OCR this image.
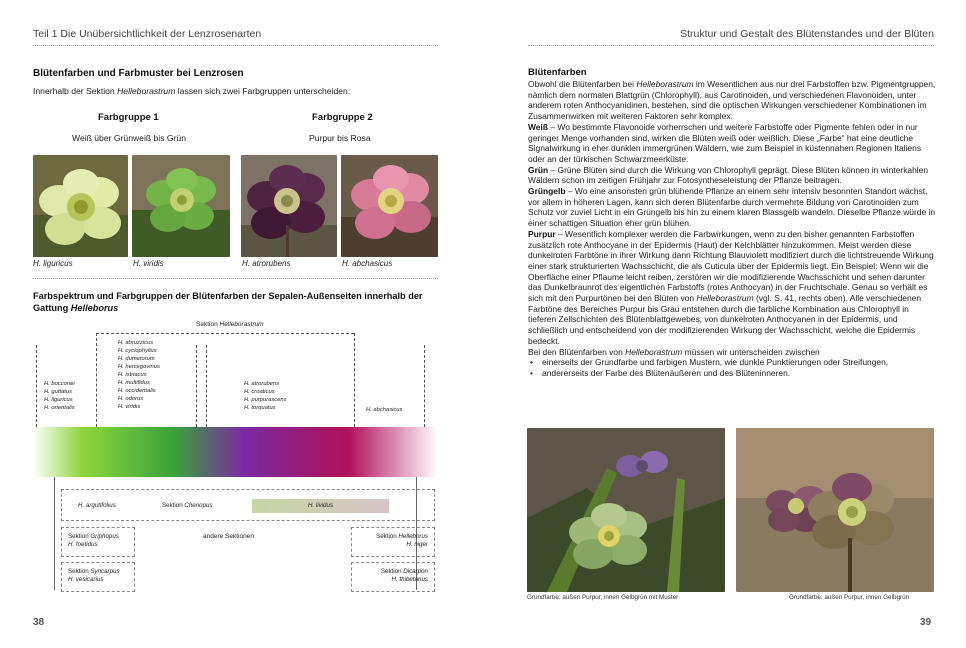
Teil 1 Die Unübersichtlichkeit der Lenzrosenarten
Blütenfarben und Farbmuster bei Lenzrosen
Innerhalb der Sektion Helleborastrum lassen sich zwei Farbgruppen unterscheiden:
Farbgruppe 1
Weiß über Grünweiß bis Grün
Farbgruppe 2
Purpur bis Rosa
H. liguricus	H. viridis	H. atrorubens	H. abchasicus
Farbspektrum und Farbgruppen der Blütenfarben der Sepalen-Außenseiten innerhalb der
Gattung Helleborus
Sektion Helleborastrum
H. bocconei
H. guttatus
H. liguricus
H. orientalis
H. abruzzicus
H. cyclophyllus
H. dumetorum
H. hercegovinus
H. istriacus
H. multifidus
H. occidentalis
H. odorus
H. viridis
H. atrorubens
H. croaticus
H. purpurascens
H. torquatus	H. abchasicus
H. argutifolius	Sektion Chenopus	H. lividus
Sektion Griphopus
H. foetidus
Sektion Syncarpus
H. vesicarius
andere Sektionen	Sektion Helleborus
H. niger
Sektion Dicarpon
H. thibetanus
38
Struktur und Gestalt des Blütenstandes und der Blüten

Blütenfarben

Obwohl die Blütenfarben bei Helleborastrum im Wesentlichen aus nur drei Farbstoffen bzw. Pigmentgruppen, nämlich dem normalen Blattgrün (Chlorophyll), aus Carotinoiden, und verschiedenen Flavonoiden, unter anderem roten Anthocyanidinen, bestehen, sind die optischen Wirkungen verschiedener Kombinationen im Zusammenwirken mit weiteren Faktoren sehr komplex.

Weiß – Wo bestimmte Flavonoide vorherrschen und weitere Farbstoffe oder Pigmente fehlen oder in nur geringer Menge vorhanden sind, wirken die Blüten weiß oder weißlich. Diese „Farbe“ hat eine deutliche Signalwirkung in eher dunklen immergrünen Wäldern, wie zum Beispiel in küstennahen Regionen Italiens oder an der türkischen Schwarzmeerküste.

Grün – Grüne Blüten sind durch die Wirkung von Chlorophyll geprägt. Diese Blüten können in winterkahlen Wäldern schon im zeitigen Frühjahr zur Fotosyntheseleistung der Pflanze beitragen.

Grüngelb – Wo eine ansonsten grün blühende Pflanze an einem sehr intensiv besonnten Standort wächst, vor allem in höheren Lagen, kann sich deren Blütenfarbe durch vermehrte Bildung von Carotinoiden zum Schutz vor zuviel Licht in ein Grüngelb bis hin zu einem klaren Blassgelb wandeln. Dieselbe Pflanze würde in einer schattigen Situation eher grün blühen.

Purpur – Wesentlich komplexer werden die Farbwirkungen, wenn zu den bisher genannten Farbstoffen zusätzlich rote Anthocyane in der Epidermis (Haut) der Kelchblätter hinzukommen. Meist werden diese dunkelroten Farbtöne in ihrer Wirkung dann Richtung Blauviolett modifiziert durch die lichtstreuende Wirkung einer stark strukturierten Wachsschicht, die als Cuticula über der Epidermis liegt. Ein Beispiel: Wenn wir die Oberfläche einer Pflaume leicht reiben, zerstören wir die modifizierende Wachsschicht und sehen darunter das Dunkelbraunrot des eigentlichen Farbstoffs (rotes Anthocyan) in der Fruchtschale. Genau so verhält es sich mit den Purpurtönen bei den Blüten von Helleborastrum (vgl. S. 41, rechts oben). Alle verschiedenen Farbtöne des Bereiches Purpur bis Grau entstehen durch die farbliche Kombination aus Chlorophyll in tieferen Zellschichten des Blütenblattgewebes, von dunkelroten Anthocyanen in der Epidermis, und schließlich und entscheidend von der modifizierenden Wirkung der Wachsschicht, welche die Epidermis bedeckt.

Bei den Blütenfarben von Helleborastrum müssen wir unterscheiden zwischen

• einerseits der Grundfarbe und farbigen Mustern, wie dunkle Punktierungen oder Streifungen,
• andererseits der Farbe des Blütenäußeren und des Blüteninneren.
Grundfarbe: außen Purpur, innen Gelbgrün mit Muster	Grundfarbe: außen Purpur, innen Gelbgrün
39
